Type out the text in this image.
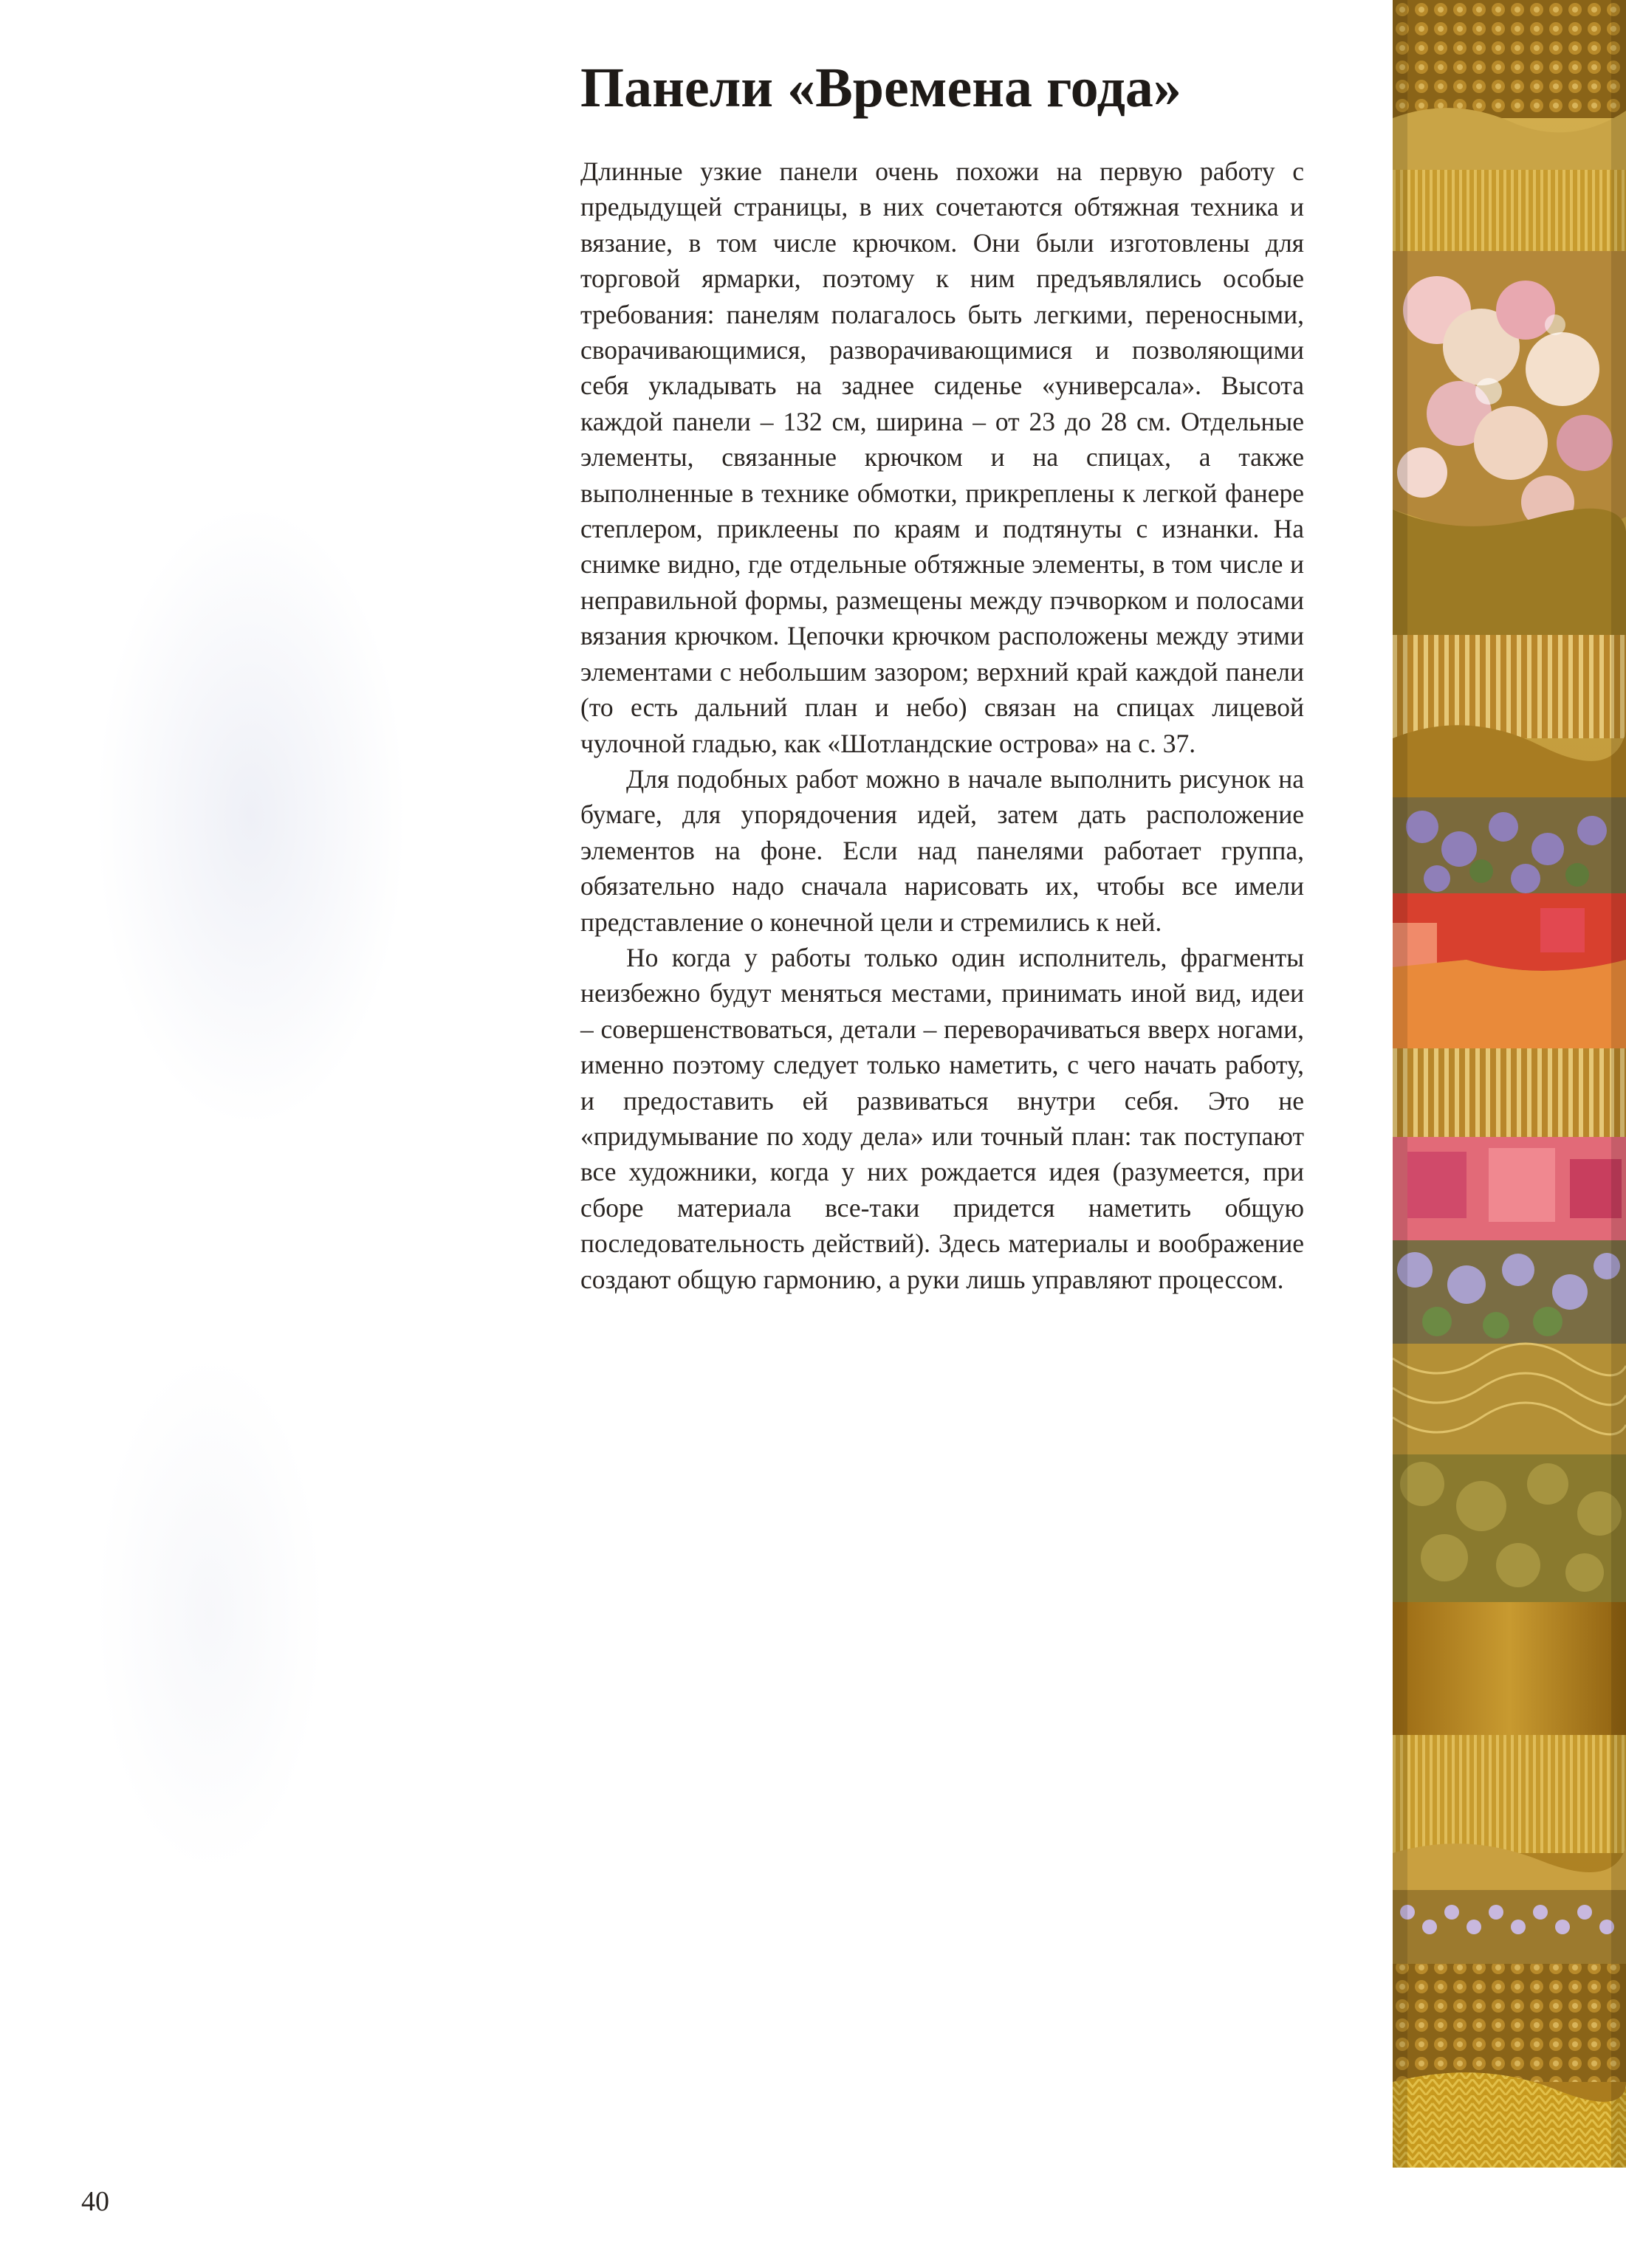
Панели «Времена года»

Длинные узкие панели очень похожи на первую работу с предыдущей страницы, в них сочетаются обтяжная техника и вязание, в том числе крючком. Они были изготовлены для торговой ярмарки, поэтому к ним предъявлялись особые требования: панелям полагалось быть легкими, переносными, сворачивающимися, разворачивающимися и позволяющими себя укладывать на заднее сиденье «универсала». Высота каждой панели – 132 см, ширина – от 23 до 28 см. Отдельные элементы, связанные крючком и на спицах, а также выполненные в технике обмотки, прикреплены к легкой фанере степлером, приклеены по краям и подтянуты с изнанки. На снимке видно, где отдельные обтяжные элементы, в том числе и неправильной формы, размещены между пэчворком и полосами вязания крючком. Цепочки крючком расположены между этими элементами с небольшим зазором; верхний край каждой панели (то есть дальний план и небо) связан на спицах лицевой чулочной гладью, как «Шотландские острова» на с. 37.

Для подобных работ можно в начале выполнить рисунок на бумаге, для упорядочения идей, затем дать расположение элементов на фоне. Если над панелями работает группа, обязательно надо сначала нарисовать их, чтобы все имели представление о конечной цели и стремились к ней.

Но когда у работы только один исполнитель, фрагменты неизбежно будут меняться местами, принимать иной вид, идеи – совершенствоваться, детали – переворачиваться вверх ногами, именно поэтому следует только наметить, с чего начать работу, и предоставить ей развиваться внутри себя. Это не «придумывание по ходу дела» или точный план: так поступают все художники, когда у них рождается идея (разумеется, при сборе материала все-таки придется наметить общую последовательность действий). Здесь материалы и воображение создают общую гармонию, а руки лишь управляют процессом.

40
